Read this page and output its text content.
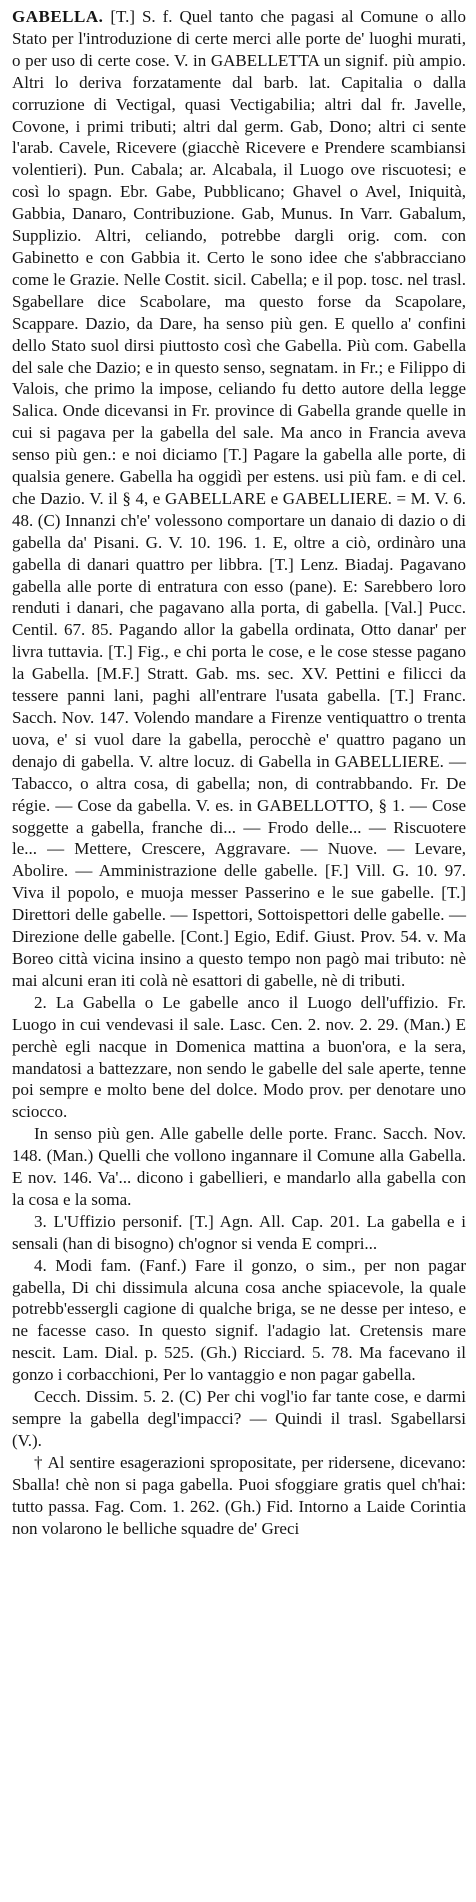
GABELLA. [T.] S. f. Quel tanto che pagasi al Comune o allo Stato per l'introduzione di certe merci alle porte de' luoghi murati, o per uso di certe cose. V. in GABELLETTA un signif. più ampio. Altri lo deriva forzatamente dal barb. lat. Capitalia o dalla corruzione di Vectigal, quasi Vectigabilia; altri dal fr. Javelle, Covone, i primi tributi; altri dal germ. Gab, Dono; altri ci sente l'arab. Cavele, Ricevere (giacchè Ricevere e Prendere scambiansi volentieri). Pun. Cabala; ar. Alcabala, il Luogo ove riscuotesi; e così lo spagn. Ebr. Gabe, Pubblicano; Ghavel o Avel, Iniquità, Gabbia, Danaro, Contribuzione. Gab, Munus. In Varr. Gabalum, Supplizio. Altri, celiando, potrebbe dargli orig. com. con Gabinetto e con Gabbia it. Certo le sono idee che s'abbracciano come le Grazie. Nelle Costit. sicil. Cabella; e il pop. tosc. nel trasl. Sgabellare dice Scabolare, ma questo forse da Scapolare, Scappare. Dazio, da Dare, ha senso più gen. E quello a' confini dello Stato suol dirsi piuttosto così che Gabella. Più com. Gabella del sale che Dazio; e in questo senso, segnatam. in Fr.; e Filippo di Valois, che primo la impose, celiando fu detto autore della legge Salica. Onde dicevansi in Fr. province di Gabella grande quelle in cui si pagava per la gabella del sale. Ma anco in Francia aveva senso più gen.: e noi diciamo [T.] Pagare la gabella alle porte, di qualsia genere. Gabella ha oggidì per estens. usi più fam. e di cel. che Dazio. V. il § 4, e GABELLARE e GABELLIERE. = M. V. 6. 48. (C) Innanzi ch'e' volessono comportare un danaio di dazio o di gabella da' Pisani. G. V. 10. 196. 1. E, oltre a ciò, ordinàro una gabella di danari quattro per libbra. [T.] Lenz. Biadaj. Pagavano gabella alle porte di entratura con esso (pane). E: Sarebbero loro renduti i danari, che pagavano alla porta, di gabella. [Val.] Pucc. Centil. 67. 85. Pagando allor la gabella ordinata, Otto danar' per livra tuttavia. [T.] Fig., e chi porta le cose, e le cose stesse pagano la Gabella. [M.F.] Stratt. Gab. ms. sec. XV. Pettini e filicci da tessere panni lani, paghi all'entrare l'usata gabella. [T.] Franc. Sacch. Nov. 147. Volendo mandare a Firenze ventiquattro o trenta uova, e' si vuol dare la gabella, perocchè e' quattro pagano un denajo di gabella. V. altre locuz. di Gabella in GABELLIERE. — Tabacco, o altra cosa, di gabella; non, di contrabbando. Fr. De régie. — Cose da gabella. V. es. in GABELLOTTO, § 1. — Cose soggette a gabella, franche di... — Frodo delle... — Riscuotere le... — Mettere, Crescere, Aggravare. — Nuove. — Levare, Abolire. — Amministrazione delle gabelle. [F.] Vill. G. 10. 97. Viva il popolo, e muoja messer Passerino e le sue gabelle. [T.] Direttori delle gabelle. — Ispettori, Sottoispettori delle gabelle. — Direzione delle gabelle. [Cont.] Egio, Edif. Giust. Prov. 54. v. Ma Boreo città vicina insino a questo tempo non pagò mai tributo: nè mai alcuni eran iti colà nè esattori di gabelle, nè di tributi.

2. La Gabella o Le gabelle anco il Luogo dell'uffizio. Fr. Luogo in cui vendevasi il sale. Lasc. Cen. 2. nov. 2. 29. (Man.) E perchè egli nacque in Domenica mattina a buon'ora, e la sera, mandatosi a battezzare, non sendo le gabelle del sale aperte, tenne poi sempre e molto bene del dolce. Modo prov. per denotare uno sciocco.

In senso più gen. Alle gabelle delle porte. Franc. Sacch. Nov. 148. (Man.) Quelli che vollono ingannare il Comune alla Gabella. E nov. 146. Va'... dicono i gabellieri, e mandarlo alla gabella con la cosa e la soma.

3. L'Uffizio personif. [T.] Agn. All. Cap. 201. La gabella e i sensali (han di bisogno) ch'ognor si venda E compri...

4. Modi fam. (Fanf.) Fare il gonzo, o sim., per non pagar gabella, Di chi dissimula alcuna cosa anche spiacevole, la quale potrebb'essergli cagione di qualche briga, se ne desse per inteso, e ne facesse caso. In questo signif. l'adagio lat. Cretensis mare nescit. Lam. Dial. p. 525. (Gh.) Ricciard. 5. 78. Ma facevano il gonzo i corbacchioni, Per lo vantaggio e non pagar gabella.

Cecch. Dissim. 5. 2. (C) Per chi vogl'io far tante cose, e darmi sempre la gabella degl'impacci? — Quindi il trasl. Sgabellarsi (V.).

† Al sentire esagerazioni spropositate, per ridersene, dicevano: Sballa! chè non si paga gabella. Puoi sfoggiare gratis quel ch'hai: tutto passa. Fag. Com. 1. 262. (Gh.) Fid. Intorno a Laide Corintia non volarono le belliche squadre de' Greci
